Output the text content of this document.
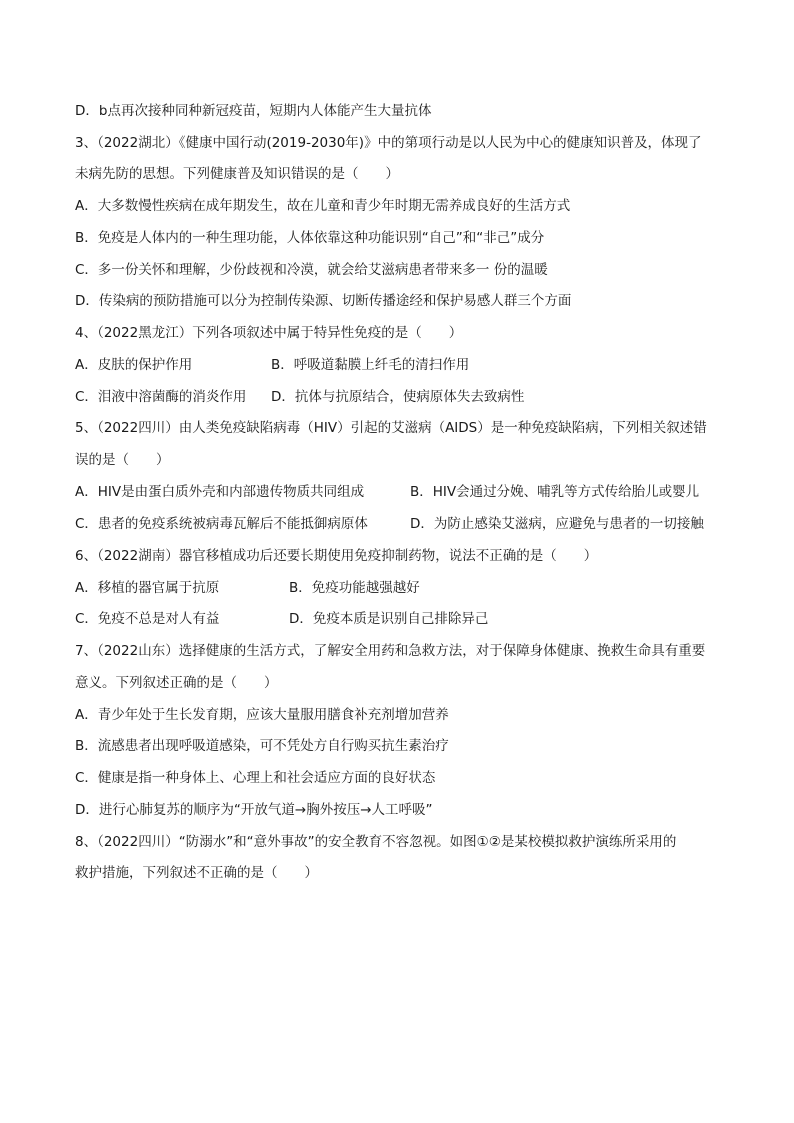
D．b点再次接种同种新冠疫苗，短期内人体能产生大量抗体
3、（2022湖北）《健康中国行动(2019-2030年)》中的第项行动是以人民为中心的健康知识普及，体现了
未病先防的思想。下列健康普及知识错误的是（　　）
A．大多数慢性疾病在成年期发生，故在儿童和青少年时期无需养成良好的生活方式
B．免疫是人体内的一种生理功能，人体依靠这种功能识别“自己”和“非己”成分
C．多一份关怀和理解，少份歧视和冷漠，就会给艾滋病患者带来多一 份的温暖
D．传染病的预防措施可以分为控制传染源、切断传播途经和保护易感人群三个方面
4、（2022黑龙江）下列各项叙述中属于特异性免疫的是（　　）
A．皮肤的保护作用	B．呼吸道黏膜上纤毛的清扫作用
C．泪液中溶菌酶的消炎作用 D．抗体与抗原结合，使病原体失去致病性
5、（2022四川）由人类免疫缺陷病毒（HIV）引起的艾滋病（AIDS）是一种免疫缺陷病，下列相关叙述错
误的是（　　）
A．HIV是由蛋白质外壳和内部遗传物质共同组成	B．HIV会通过分娩、哺乳等方式传给胎儿或婴儿
C．患者的免疫系统被病毒瓦解后不能抵御病原体	D．为防止感染艾滋病，应避免与患者的一切接触
6、（2022湖南）器官移植成功后还要长期使用免疫抑制药物，说法不正确的是（　　）
A．移植的器官属于抗原	B．免疫功能越强越好
C．免疫不总是对人有益	D．免疫本质是识别自己排除异己
7、（2022山东）选择健康的生活方式，了解安全用药和急救方法，对于保障身体健康、挽救生命具有重要
意义。下列叙述正确的是（　　）
A．青少年处于生长发育期，应该大量服用膳食补充剂增加营养
B．流感患者出现呼吸道感染，可不凭处方自行购买抗生素治疗
C．健康是指一种身体上、心理上和社会适应方面的良好状态
D．进行心肺复苏的顺序为“开放气道→胸外按压→人工呼吸”
8、（2022四川）“防溺水”和“意外事故”的安全教育不容忽视。如图①②是某校模拟救护演练所采用的
救护措施，下列叙述不正确的是（　　）
